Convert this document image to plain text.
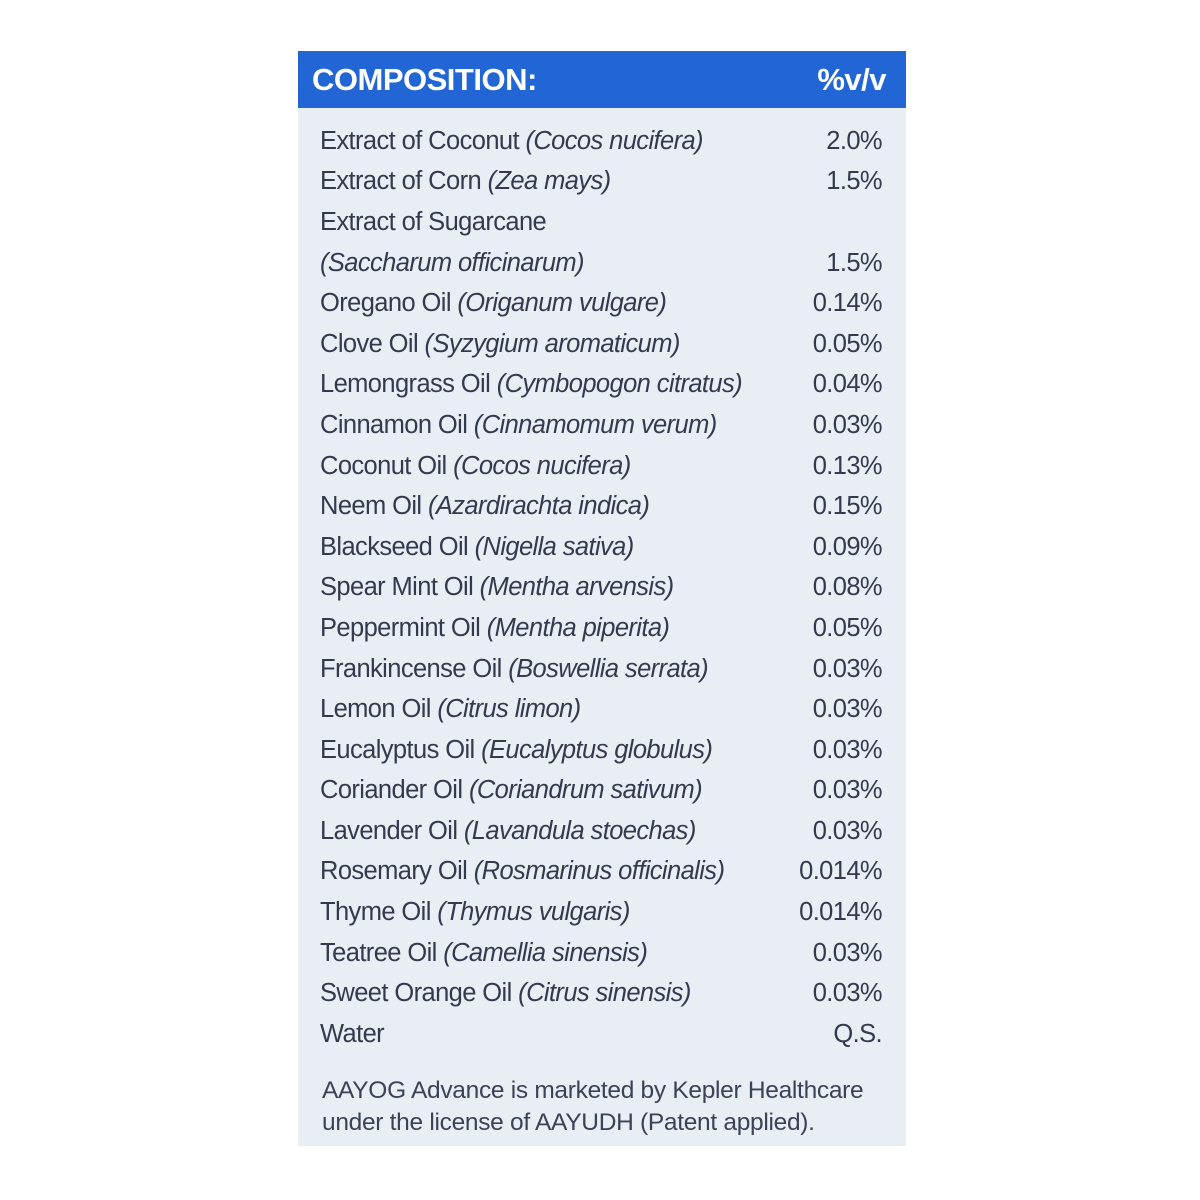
COMPOSITION:	%v/v
Extract of Coconut (Cocos nucifera)	2.0%
Extract of Corn (Zea mays)	1.5%
Extract of Sugarcane
(Saccharum officinarum)	1.5%
Oregano Oil (Origanum vulgare)	0.14%
Clove Oil (Syzygium aromaticum)	0.05%
Lemongrass Oil (Cymbopogon citratus)	0.04%
Cinnamon Oil (Cinnamomum verum)	0.03%
Coconut Oil (Cocos nucifera)	0.13%
Neem Oil (Azardirachta indica)	0.15%
Blackseed Oil (Nigella sativa)	0.09%
Spear Mint Oil (Mentha arvensis)	0.08%
Peppermint Oil (Mentha piperita)	0.05%
Frankincense Oil (Boswellia serrata)	0.03%
Lemon Oil (Citrus limon)	0.03%
Eucalyptus Oil (Eucalyptus globulus)	0.03%
Coriander Oil (Coriandrum sativum)	0.03%
Lavender Oil (Lavandula stoechas)	0.03%
Rosemary Oil (Rosmarinus officinalis)	0.014%
Thyme Oil (Thymus vulgaris)	0.014%
Teatree Oil (Camellia sinensis)	0.03%
Sweet Orange Oil (Citrus sinensis)	0.03%
Water	Q.S.
AAYOG Advance is marketed by Kepler Healthcare
under the license of AAYUDH (Patent applied).
